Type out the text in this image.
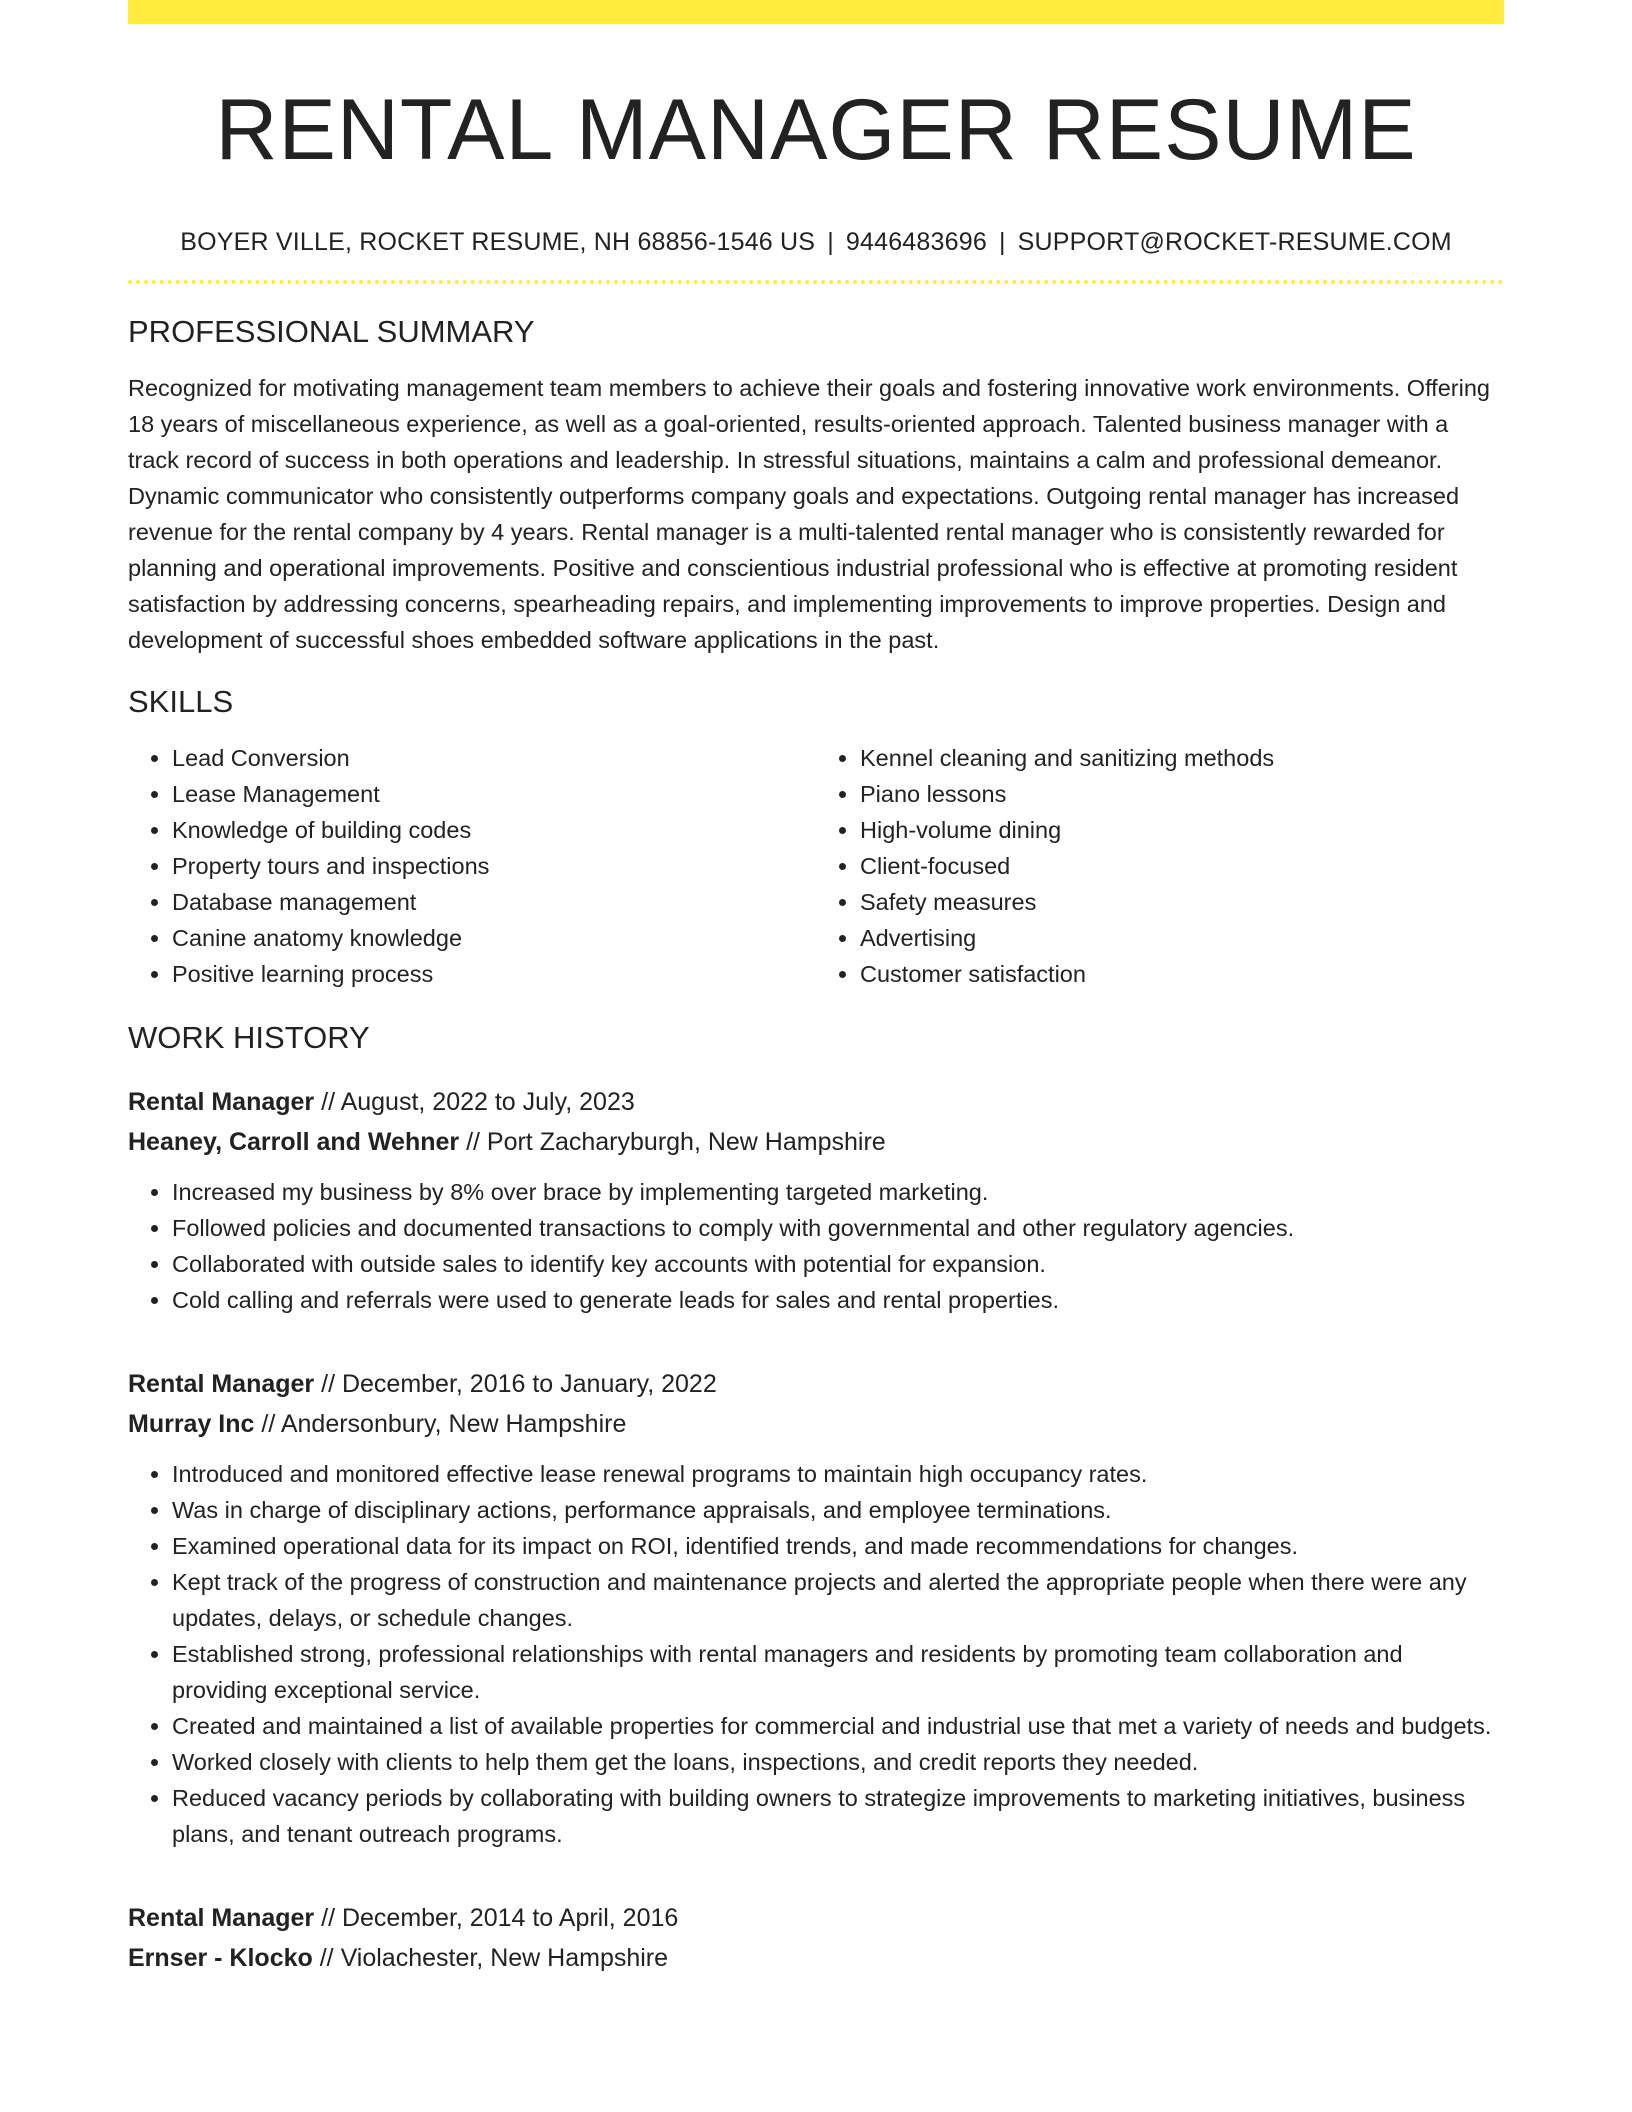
RENTAL MANAGER RESUME
BOYER VILLE, ROCKET RESUME, NH 68856-1546 US | 9446483696 | SUPPORT@ROCKET-RESUME.COM
PROFESSIONAL SUMMARY

Recognized for motivating management team members to achieve their goals and fostering innovative work environments. Offering 18 years of miscellaneous experience, as well as a goal-oriented, results-oriented approach. Talented business manager with a track record of success in both operations and leadership. In stressful situations, maintains a calm and professional demeanor. Dynamic communicator who consistently outperforms company goals and expectations. Outgoing rental manager has increased revenue for the rental company by 4 years. Rental manager is a multi-talented rental manager who is consistently rewarded for planning and operational improvements. Positive and conscientious industrial professional who is effective at promoting resident satisfaction by addressing concerns, spearheading repairs, and implementing improvements to improve properties. Design and development of successful shoes embedded software applications in the past.

SKILLS
• Lead Conversion
• Lease Management
• Knowledge of building codes
• Property tours and inspections
• Database management
• Canine anatomy knowledge
• Positive learning process
• Kennel cleaning and sanitizing methods
• Piano lessons
• High-volume dining
• Client-focused
• Safety measures
• Advertising
• Customer satisfaction
WORK HISTORY
Rental Manager // August, 2022 to July, 2023
Heaney, Carroll and Wehner // Port Zacharyburgh, New Hampshire
• Increased my business by 8% over brace by implementing targeted marketing.
• Followed policies and documented transactions to comply with governmental and other regulatory agencies.
• Collaborated with outside sales to identify key accounts with potential for expansion.
• Cold calling and referrals were used to generate leads for sales and rental properties.
Rental Manager // December, 2016 to January, 2022
Murray Inc // Andersonbury, New Hampshire
• Introduced and monitored effective lease renewal programs to maintain high occupancy rates.
• Was in charge of disciplinary actions, performance appraisals, and employee terminations.
• Examined operational data for its impact on ROI, identified trends, and made recommendations for changes.
• Kept track of the progress of construction and maintenance projects and alerted the appropriate people when there were any updates, delays, or schedule changes.
• Established strong, professional relationships with rental managers and residents by promoting team collaboration and providing exceptional service.
• Created and maintained a list of available properties for commercial and industrial use that met a variety of needs and budgets.
• Worked closely with clients to help them get the loans, inspections, and credit reports they needed.
• Reduced vacancy periods by collaborating with building owners to strategize improvements to marketing initiatives, business plans, and tenant outreach programs.
Rental Manager // December, 2014 to April, 2016
Ernser - Klocko // Violachester, New Hampshire
